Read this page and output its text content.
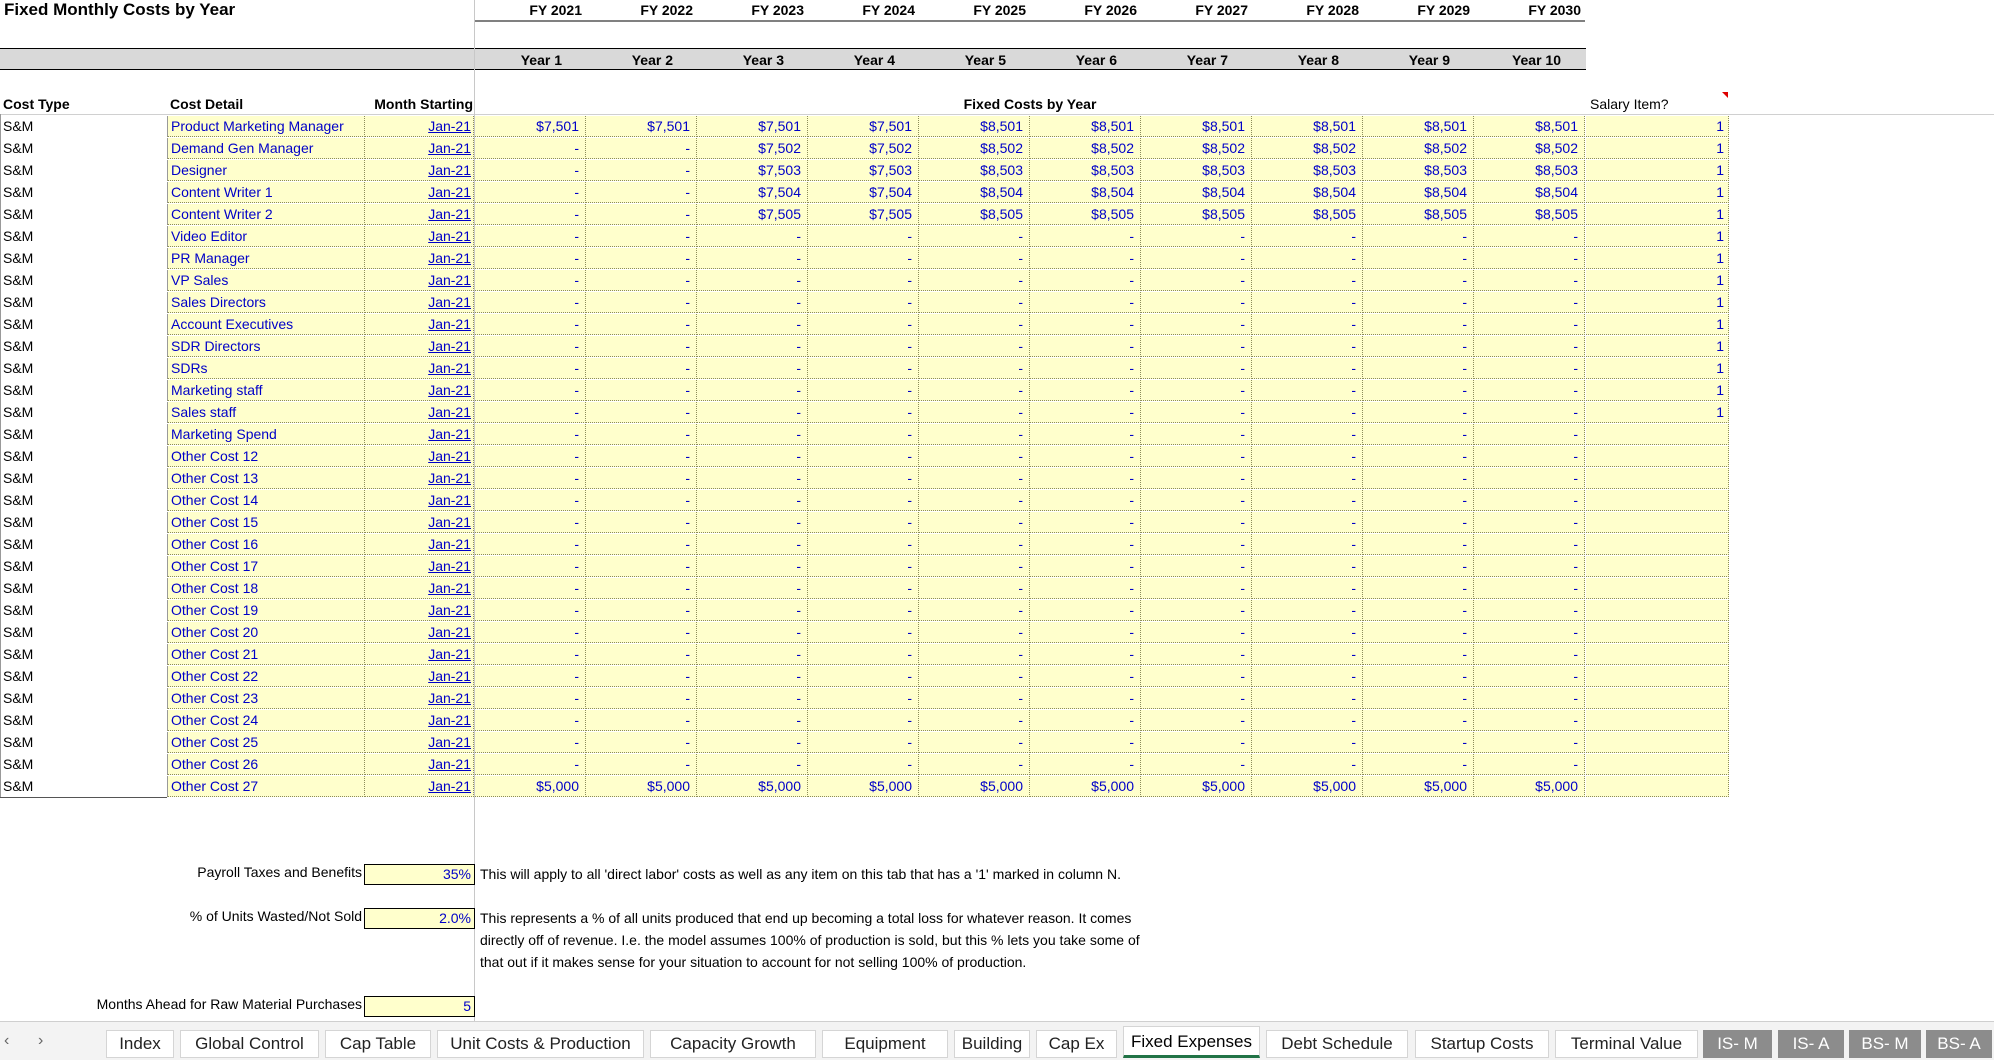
Fixed Monthly Costs by Year	FY 2021	FY 2022	FY 2023	FY 2024	FY 2025	FY 2026	FY 2027	FY 2028	FY 2029	FY 2030
Year 1	Year 2	Year 3	Year 4	Year 5	Year 6	Year 7	Year 8	Year 9	Year 10
Cost Type	Cost Detail	Month Starting	Fixed Costs by Year	Salary Item?
S&M	Product Marketing Manager	Jan-21	$7,501	$7,501	$7,501	$7,501	$8,501	$8,501	$8,501	$8,501	$8,501	$8,501	1
S&M	Demand Gen Manager	Jan-21	-	-	$7,502	$7,502	$8,502	$8,502	$8,502	$8,502	$8,502	$8,502	1
S&M	Designer	Jan-21	-	-	$7,503	$7,503	$8,503	$8,503	$8,503	$8,503	$8,503	$8,503	1
S&M	Content Writer 1	Jan-21	-	-	$7,504	$7,504	$8,504	$8,504	$8,504	$8,504	$8,504	$8,504	1
S&M	Content Writer 2	Jan-21	-	-	$7,505	$7,505	$8,505	$8,505	$8,505	$8,505	$8,505	$8,505	1
S&M	Video Editor	Jan-21	-	-	-	-	-	-	-	-	-	-	1
S&M	PR Manager	Jan-21	-	-	-	-	-	-	-	-	-	-	1
S&M	VP Sales	Jan-21	-	-	-	-	-	-	-	-	-	-	1
S&M	Sales Directors	Jan-21	-	-	-	-	-	-	-	-	-	-	1
S&M	Account Executives	Jan-21	-	-	-	-	-	-	-	-	-	-	1
S&M	SDR Directors	Jan-21	-	-	-	-	-	-	-	-	-	-	1
S&M	SDRs	Jan-21	-	-	-	-	-	-	-	-	-	-	1
S&M	Marketing staff	Jan-21	-	-	-	-	-	-	-	-	-	-	1
S&M	Sales staff	Jan-21	-	-	-	-	-	-	-	-	-	-	1
S&M	Marketing Spend	Jan-21	-	-	-	-	-	-	-	-	-	-
S&M	Other Cost 12	Jan-21	-	-	-	-	-	-	-	-	-	-
S&M	Other Cost 13	Jan-21	-	-	-	-	-	-	-	-	-	-
S&M	Other Cost 14	Jan-21	-	-	-	-	-	-	-	-	-	-
S&M	Other Cost 15	Jan-21	-	-	-	-	-	-	-	-	-	-
S&M	Other Cost 16	Jan-21	-	-	-	-	-	-	-	-	-	-
S&M	Other Cost 17	Jan-21	-	-	-	-	-	-	-	-	-	-
S&M	Other Cost 18	Jan-21	-	-	-	-	-	-	-	-	-	-
S&M	Other Cost 19	Jan-21	-	-	-	-	-	-	-	-	-	-
S&M	Other Cost 20	Jan-21	-	-	-	-	-	-	-	-	-	-
S&M	Other Cost 21	Jan-21	-	-	-	-	-	-	-	-	-	-
S&M	Other Cost 22	Jan-21	-	-	-	-	-	-	-	-	-	-
S&M	Other Cost 23	Jan-21	-	-	-	-	-	-	-	-	-	-
S&M	Other Cost 24	Jan-21	-	-	-	-	-	-	-	-	-	-
S&M	Other Cost 25	Jan-21	-	-	-	-	-	-	-	-	-	-
S&M	Other Cost 26	Jan-21	-	-	-	-	-	-	-	-	-	-
S&M	Other Cost 27	Jan-21	$5,000	$5,000	$5,000	$5,000	$5,000	$5,000	$5,000	$5,000	$5,000	$5,000
Payroll Taxes and Benefits	35% This will apply to all 'direct labor' costs as well as any item on this tab that has a '1' marked in column N.
% of Units Wasted/Not Sold	2.0% This represents a % of all units produced that end up becoming a total loss for whatever reason. It comes
directly off of revenue. I.e. the model assumes 100% of production is sold, but this % lets you take some of
that out if it makes sense for your situation to account for not selling 100% of production.
Months Ahead for Raw Material Purchases	5
‹ ›	Index	Global Control	Cap Table	Unit Costs & Production	Capacity Growth	Equipment	Building	Cap Ex	Fixed Expenses	Debt Schedule	Startup Costs	Terminal Value	IS- M	IS- A	BS- M	BS- A
